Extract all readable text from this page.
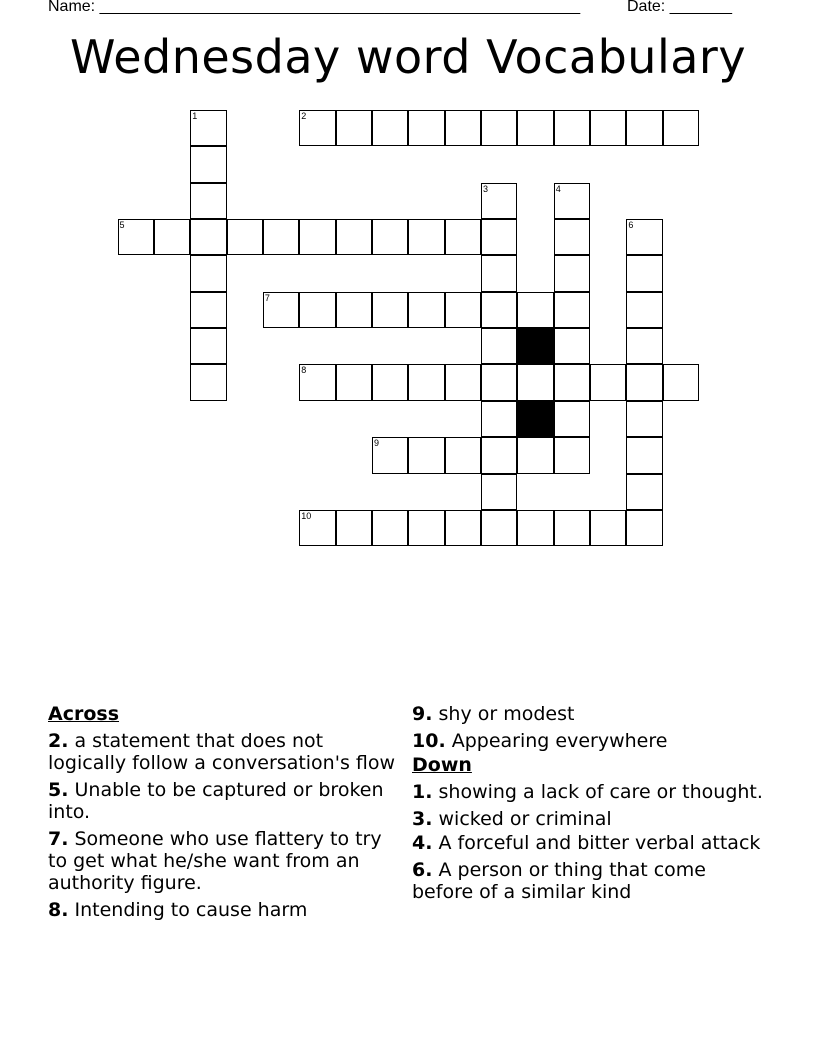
Name: ______________________________________________________	Date: _______
Wednesday word Vocabulary
1	2
3	4
5	6
7
8
9
10
Across
2. a statement that does not logically follow a conversation's flow
5. Unable to be captured or broken into.
7. Someone who use flattery to try to get what he/she want from an authority figure.
8. Intending to cause harm
9. shy or modest
10. Appearing everywhere
Down
1. showing a lack of care or thought.
3. wicked or criminal
4. A forceful and bitter verbal attack
6. A person or thing that come before of a similar kind
